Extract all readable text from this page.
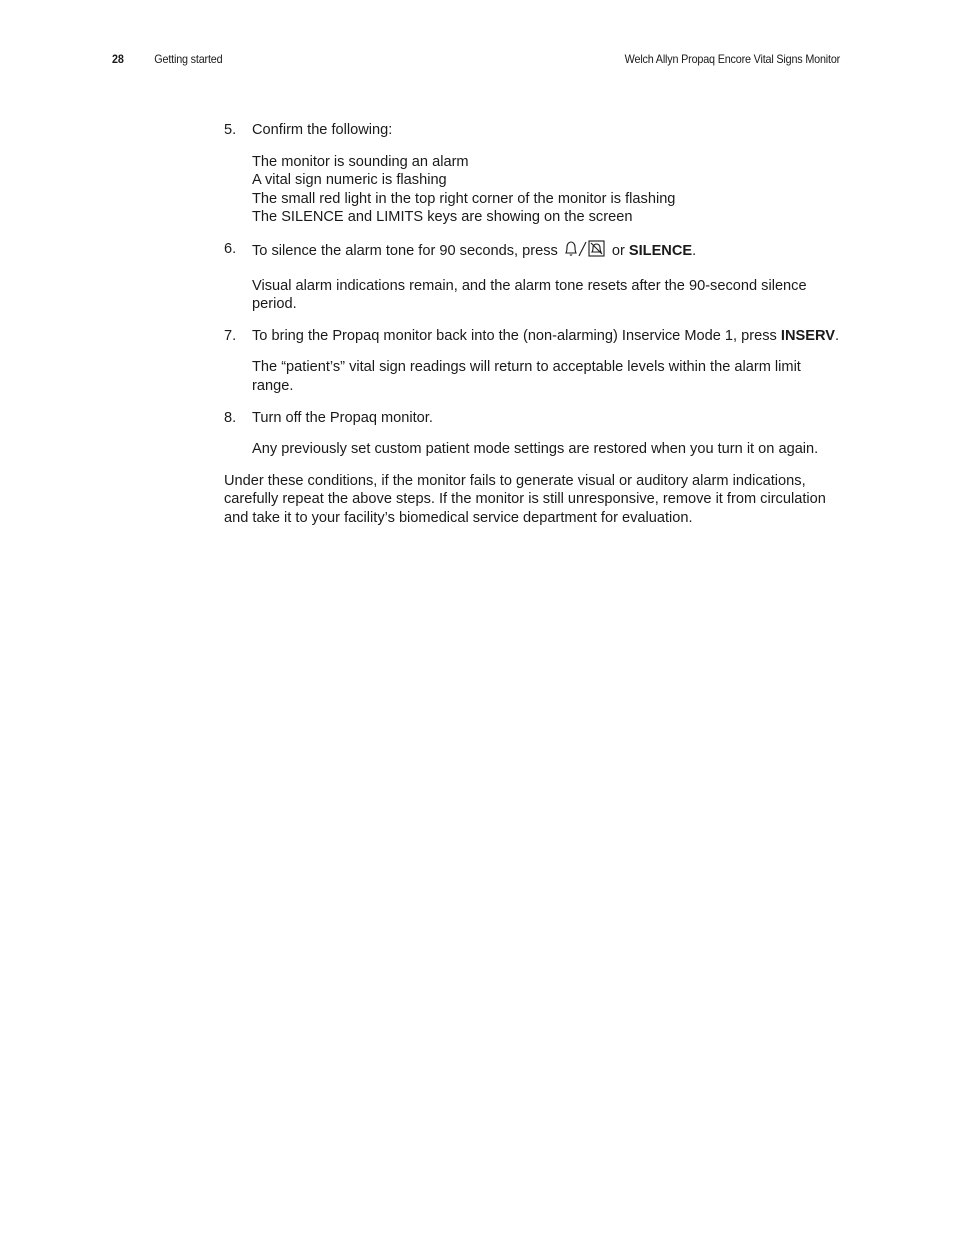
28	Getting started	Welch Allyn Propaq Encore Vital Signs Monitor
5. Confirm the following:
The monitor is sounding an alarm
A vital sign numeric is flashing
The small red light in the top right corner of the monitor is flashing
The SILENCE and LIMITS keys are showing on the screen
6. To silence the alarm tone for 90 seconds, press	or SILENCE.
Visual alarm indications remain, and the alarm tone resets after the 90-second silence period.
7. To bring the Propaq monitor back into the (non-alarming) Inservice Mode 1, press INSERV.
The “patient’s” vital sign readings will return to acceptable levels within the alarm limit range.
8. Turn off the Propaq monitor.
Any previously set custom patient mode settings are restored when you turn it on again.
Under these conditions, if the monitor fails to generate visual or auditory alarm indications, carefully repeat the above steps. If the monitor is still unresponsive, remove it from circulation and take it to your facility’s biomedical service department for evaluation.
